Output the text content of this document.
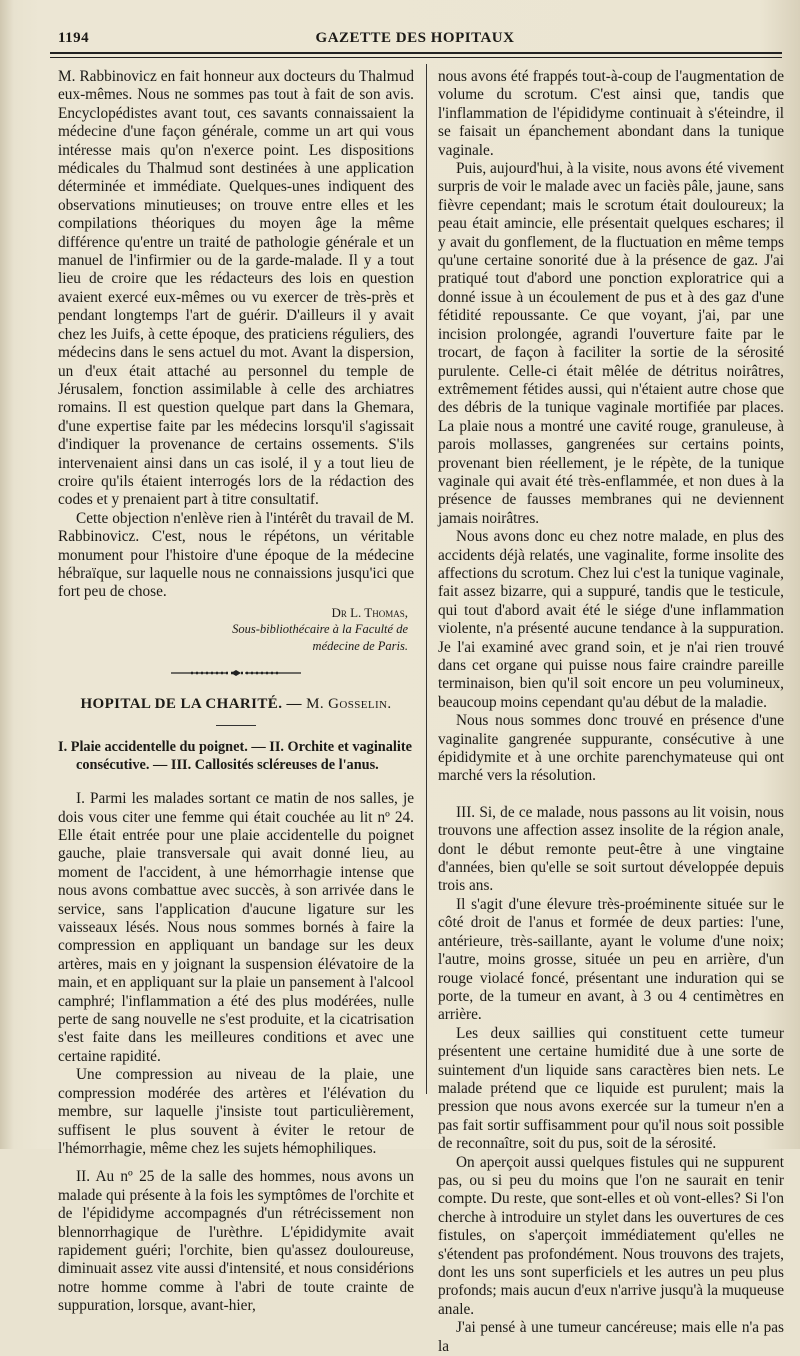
1194	GAZETTE DES HOPITAUX

M. Rabbinovicz en fait honneur aux docteurs du Thalmud eux-mêmes. Nous ne sommes pas tout à fait de son avis. Encyclopédistes avant tout, ces savants connaissaient la médecine d'une façon générale, comme un art qui vous intéresse mais qu'on n'exerce point. Les dispositions médicales du Thalmud sont destinées à une application déterminée et immédiate. Quelques-unes indiquent des observations minutieuses; on trouve entre elles et les compilations théoriques du moyen âge la même différence qu'entre un traité de pathologie générale et un manuel de l'infirmier ou de la garde-malade. Il y a tout lieu de croire que les rédacteurs des lois en question avaient exercé eux-mêmes ou vu exercer de très-près et pendant longtemps l'art de guérir. D'ailleurs il y avait chez les Juifs, à cette époque, des praticiens réguliers, des médecins dans le sens actuel du mot. Avant la dispersion, un d'eux était attaché au personnel du temple de Jérusalem, fonction assimilable à celle des archiatres romains. Il est question quelque part dans la Ghemara, d'une expertise faite par les médecins lorsqu'il s'agissait d'indiquer la provenance de certains ossements. S'ils intervenaient ainsi dans un cas isolé, il y a tout lieu de croire qu'ils étaient interrogés lors de la rédaction des codes et y prenaient part à titre consultatif.

Cette objection n'enlève rien à l'intérêt du travail de M. Rabbinovicz. C'est, nous le répétons, un véritable monument pour l'histoire d'une époque de la médecine hébraïque, sur laquelle nous ne connaissions jusqu'ici que fort peu de chose.

Dr L. Thomas,
Sous-bibliothécaire à la Faculté de
médecine de Paris.
HOPITAL DE LA CHARITÉ. — M. Gosselin.
I. Plaie accidentelle du poignet. — II. Orchite et vaginalite
consécutive. — III. Callosités scléreuses de l'anus.

I. Parmi les malades sortant ce matin de nos salles, je dois vous citer une femme qui était couchée au lit nº 24. Elle était entrée pour une plaie accidentelle du poignet gauche, plaie transversale qui avait donné lieu, au moment de l'accident, à une hémorrhagie intense que nous avons combattue avec succès, à son arrivée dans le service, sans l'application d'aucune ligature sur les vaisseaux lésés. Nous nous sommes bornés à faire la compression en appliquant un bandage sur les deux artères, mais en y joignant la suspension élévatoire de la main, et en appliquant sur la plaie un pansement à l'alcool camphré; l'inflammation a été des plus modérées, nulle perte de sang nouvelle ne s'est produite, et la cicatrisation s'est faite dans les meilleures conditions et avec une certaine rapidité.

Une compression au niveau de la plaie, une compression modérée des artères et l'élévation du membre, sur laquelle j'insiste tout particulièrement, suffisent le plus souvent à éviter le retour de l'hémorrhagie, même chez les sujets hémophiliques.

II. Au nº 25 de la salle des hommes, nous avons un malade qui présente à la fois les symptômes de l'orchite et de l'épididyme accompagnés d'un rétrécissement non blennorrhagique de l'urèthre. L'épididymite avait rapidement guéri; l'orchite, bien qu'assez douloureuse, diminuait assez vite aussi d'intensité, et nous considérions notre homme comme à l'abri de toute crainte de suppuration, lorsque, avant-hier,

nous avons été frappés tout-à-coup de l'augmentation de volume du scrotum. C'est ainsi que, tandis que l'inflammation de l'épididyme continuait à s'éteindre, il se faisait un épanchement abondant dans la tunique vaginale.

Puis, aujourd'hui, à la visite, nous avons été vivement surpris de voir le malade avec un faciès pâle, jaune, sans fièvre cependant; mais le scrotum était douloureux; la peau était amincie, elle présentait quelques eschares; il y avait du gonflement, de la fluctuation en même temps qu'une certaine sonorité due à la présence de gaz. J'ai pratiqué tout d'abord une ponction exploratrice qui a donné issue à un écoulement de pus et à des gaz d'une fétidité repoussante. Ce que voyant, j'ai, par une incision prolongée, agrandi l'ouverture faite par le trocart, de façon à faciliter la sortie de la sérosité purulente. Celle-ci était mêlée de détritus noirâtres, extrêmement fétides aussi, qui n'étaient autre chose que des débris de la tunique vaginale mortifiée par places. La plaie nous a montré une cavité rouge, granuleuse, à parois mollasses, gangrenées sur certains points, provenant bien réellement, je le répète, de la tunique vaginale qui avait été très-enflammée, et non dues à la présence de fausses membranes qui ne deviennent jamais noirâtres.

Nous avons donc eu chez notre malade, en plus des accidents déjà relatés, une vaginalite, forme insolite des affections du scrotum. Chez lui c'est la tunique vaginale, fait assez bizarre, qui a suppuré, tandis que le testicule, qui tout d'abord avait été le siége d'une inflammation violente, n'a présenté aucune tendance à la suppuration. Je l'ai examiné avec grand soin, et je n'ai rien trouvé dans cet organe qui puisse nous faire craindre pareille terminaison, bien qu'il soit encore un peu volumineux, beaucoup moins cependant qu'au début de la maladie.

Nous nous sommes donc trouvé en présence d'une vaginalite gangrenée suppurante, consécutive à une épididymite et à une orchite parenchymateuse qui ont marché vers la résolution.

III. Si, de ce malade, nous passons au lit voisin, nous trouvons une affection assez insolite de la région anale, dont le début remonte peut-être à une vingtaine d'années, bien qu'elle se soit surtout développée depuis trois ans.

Il s'agit d'une élevure très-proéminente située sur le côté droit de l'anus et formée de deux parties: l'une, antérieure, très-saillante, ayant le volume d'une noix; l'autre, moins grosse, située un peu en arrière, d'un rouge violacé foncé, présentant une induration qui se porte, de la tumeur en avant, à 3 ou 4 centimètres en arrière.

Les deux saillies qui constituent cette tumeur présentent une certaine humidité due à une sorte de suintement d'un liquide sans caractères bien nets. Le malade prétend que ce liquide est purulent; mais la pression que nous avons exercée sur la tumeur n'en a pas fait sortir suffisamment pour qu'il nous soit possible de reconnaître, soit du pus, soit de la sérosité.

On aperçoit aussi quelques fistules qui ne suppurent pas, ou si peu du moins que l'on ne saurait en tenir compte. Du reste, que sont-elles et où vont-elles? Si l'on cherche à introduire un stylet dans les ouvertures de ces fistules, on s'aperçoit immédiatement qu'elles ne s'étendent pas profondément. Nous trouvons des trajets, dont les uns sont superficiels et les autres un peu plus profonds; mais aucun d'eux n'arrive jusqu'à la muqueuse anale.

J'ai pensé à une tumeur cancéreuse; mais elle n'a pas la
